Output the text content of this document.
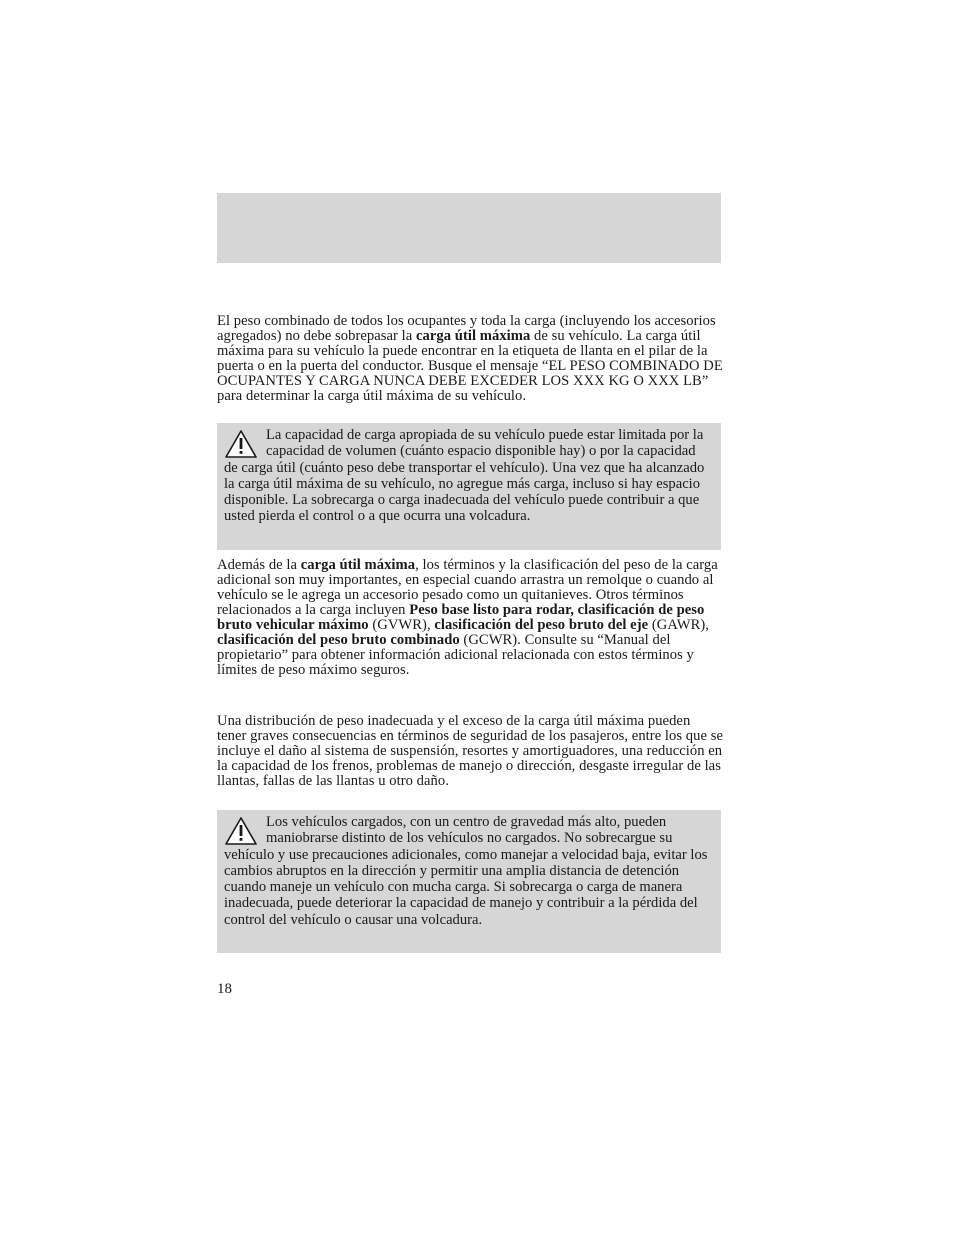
El peso combinado de todos los ocupantes y toda la carga (incluyendo los accesorios agregados) no debe sobrepasar la carga útil máxima de su vehículo. La carga útil máxima para su vehículo la puede encontrar en la etiqueta de llanta en el pilar de la puerta o en la puerta del conductor. Busque el mensaje “EL PESO COMBINADO DE OCUPANTES Y CARGA NUNCA DEBE EXCEDER LOS XXX KG O XXX LB” para determinar la carga útil máxima de su vehículo.

La capacidad de carga apropiada de su vehículo puede estar limitada por la capacidad de volumen (cuánto espacio disponible hay) o por la capacidad de carga útil (cuánto peso debe transportar el vehículo). Una vez que ha alcanzado la carga útil máxima de su vehículo, no agregue más carga, incluso si hay espacio disponible. La sobrecarga o carga inadecuada del vehículo puede contribuir a que usted pierda el control o a que ocurra una volcadura.

Además de la carga útil máxima, los términos y la clasificación del peso de la carga adicional son muy importantes, en especial cuando arrastra un remolque o cuando al vehículo se le agrega un accesorio pesado como un quitanieves. Otros términos relacionados a la carga incluyen Peso base listo para rodar, clasificación de peso bruto vehicular máximo (GVWR), clasificación del peso bruto del eje (GAWR), clasificación del peso bruto combinado (GCWR). Consulte su “Manual del propietario” para obtener información adicional relacionada con estos términos y límites de peso máximo seguros.

Una distribución de peso inadecuada y el exceso de la carga útil máxima pueden tener graves consecuencias en términos de seguridad de los pasajeros, entre los que se incluye el daño al sistema de suspensión, resortes y amortiguadores, una reducción en la capacidad de los frenos, problemas de manejo o dirección, desgaste irregular de las llantas, fallas de las llantas u otro daño.

Los vehículos cargados, con un centro de gravedad más alto, pueden maniobrarse distinto de los vehículos no cargados. No sobrecargue su vehículo y use precauciones adicionales, como manejar a velocidad baja, evitar los cambios abruptos en la dirección y permitir una amplia distancia de detención cuando maneje un vehículo con mucha carga. Si sobrecarga o carga de manera inadecuada, puede deteriorar la capacidad de manejo y contribuir a la pérdida del control del vehículo o causar una volcadura.

18
